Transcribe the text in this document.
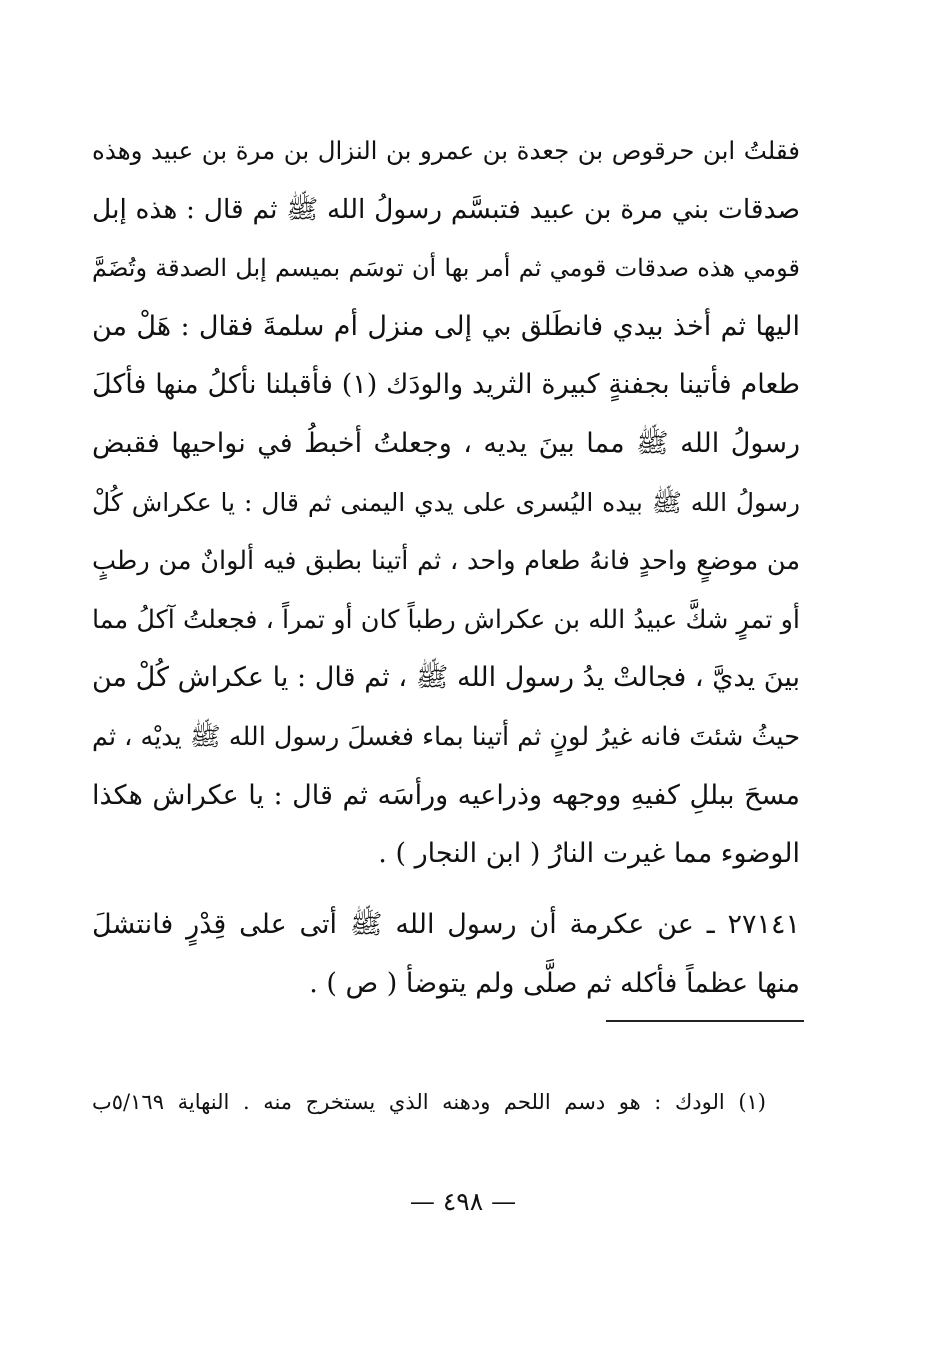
فقلتُ ابن حرقوص بن جعدة بن عمرو بن النزال بن مرة بن عبيد وهذه
صدقات بني مرة بن عبيد فتبسَّم رسولُ الله ﷺ ثم قال : هذه إبل
قومي هذه صدقات قومي ثم أمر بها أن توسَم بميسم إبل الصدقة وتُضَمَّ
اليها ثم أخذ بيدي فانطَلق بي إلى منزل أم سلمةَ فقال : هَلْ من
طعام فأتينا بجفنةٍ كبيرة الثريد والودَك (١) فأقبلنا نأكلُ منها فأكلَ
رسولُ الله ﷺ مما بينَ يديه ، وجعلتُ أخبطُ في نواحيها فقبض
رسولُ الله ﷺ بيده اليُسرى على يدي اليمنى ثم قال : يا عكراش كُلْ
من موضعٍ واحدٍ فانهُ طعام واحد ، ثم أتينا بطبق فيه ألوانٌ من رطبٍ
أو تمرٍ شكَّ عبيدُ الله بن عكراش رطباً كان أو تمراً ، فجعلتُ آكلُ مما
بينَ يديَّ ، فجالتْ يدُ رسول الله ﷺ ، ثم قال : يا عكراش كُلْ من
حيثُ شئتَ فانه غيرُ لونٍ ثم أتينا بماء فغسلَ رسول الله ﷺ يديْه ، ثم
مسحَ ببللِ كفيهِ ووجهه وذراعيه ورأسَه ثم قال : يا عكراش هكذا
الوضوء مما غيرت النارُ ( ابن النجار ) .
٢٧١٤١ ـ عن عكرمة أن رسول الله ﷺ أتى على قِدْرٍ فانتشلَ
منها عظماً فأكله ثم صلَّى ولم يتوضأ ( ص ) .
(١) الودك : هو دسم اللحم ودهنه الذي يستخرج منه . النهاية ٥/١٦٩ب
— ٤٩٨ —
